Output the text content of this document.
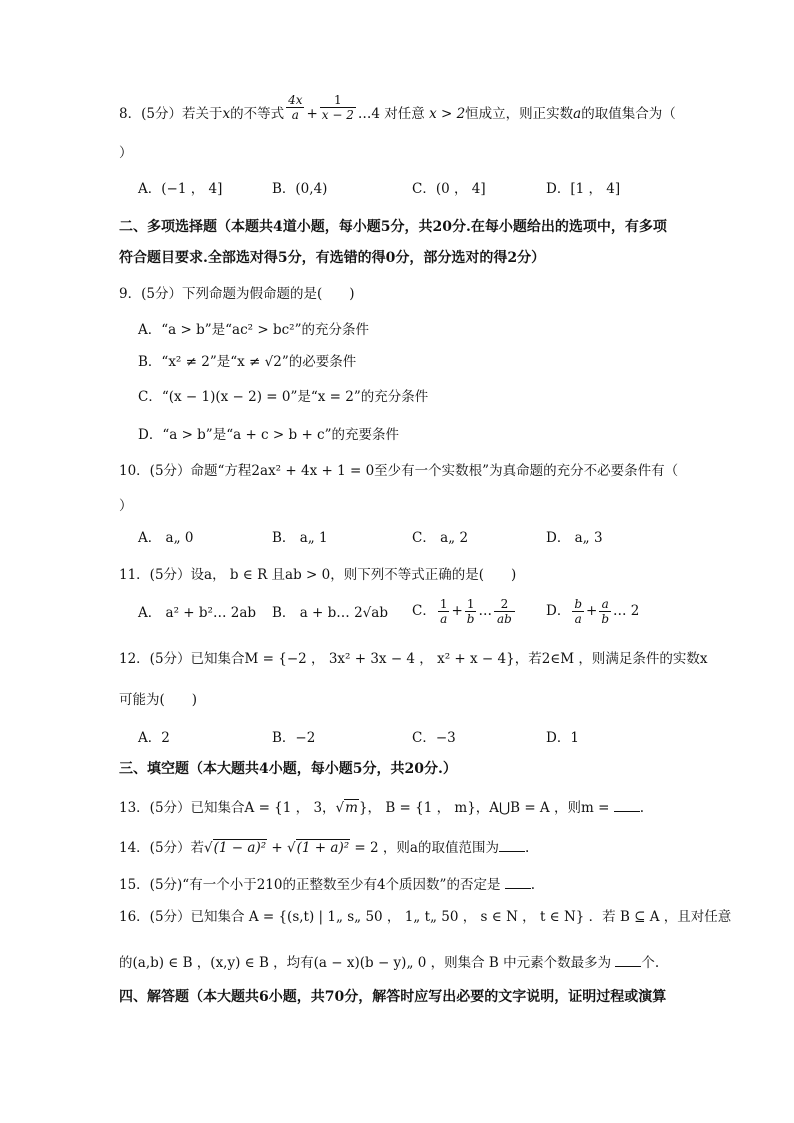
8．(5分）若关于x的不等式 $\frac{4x}{a} + \frac{1}{x - 2}$ …4 对任意 x > 2恒成立，则正实数a的取值集合为（
）
A．(−1 ， 4]	B．(0,4)	C．(0 ， 4]	D．[1 ， 4]
二、多项选择题（本题共4道小题，每小题5分，共20分.在每小题给出的选项中，有多项
符合题目要求.全部选对得5分，有选错的得0分，部分选对的得2分）
9．(5分）下列命题为假命题的是(　　)
A．“a > b”是“ac² > bc²”的充分条件
B．“x² ≠ 2”是“x ≠ √2”的必要条件
C．“(x − 1)(x − 2) = 0”是“x = 2”的充分条件
D．“a > b”是“a + c > b + c”的充要条件
10．(5分）命题“方程2ax² + 4x + 1 = 0至少有一个实数根”为真命题的充分不必要条件有（
）
A． a„ 0	B． a„ 1	C． a„ 2	D． a„ 3
11．(5分）设a， b ∈ R 且ab > 0，则下列不等式正确的是(　　)
A． a² + b²… 2ab B． a + b… 2√ab C． $\frac{1}{a} + \frac{1}{b}$ … $\frac{2}{ab}$ D． $\frac{b}{a} + \frac{a}{b}$ … 2
12．(5分）已知集合M = {−2 ， 3x² + 3x − 4 ， x² + x − 4}，若2∈M ，则满足条件的实数x
可能为(　　)
A．2	B．−2	C．−3	D．1
三、填空题（本大题共4小题，每小题5分，共20分.）
13．(5分）已知集合A = {1 ， 3，√m}， B = {1 ， m}，A⋃B = A ，则m = .
14．(5分）若√(1 − a)² + √(1 + a)² = 2 ，则a的取值范围为 .
15．(5分)“有一个小于210的正整数至少有4个质因数”的否定是 .
16．(5分）已知集合 A = {(s,t) | 1„ s„ 50 ， 1„ t„ 50 ， s ∈ N ， t ∈ N} ．若 B ⊆ A ，且对任意
的(a,b) ∈ B ，(x,y) ∈ B ，均有(a − x)(b − y)„ 0 ，则集合 B 中元素个数最多为 个.
四、解答题（本大题共6小题，共70分，解答时应写出必要的文字说明，证明过程或演算
